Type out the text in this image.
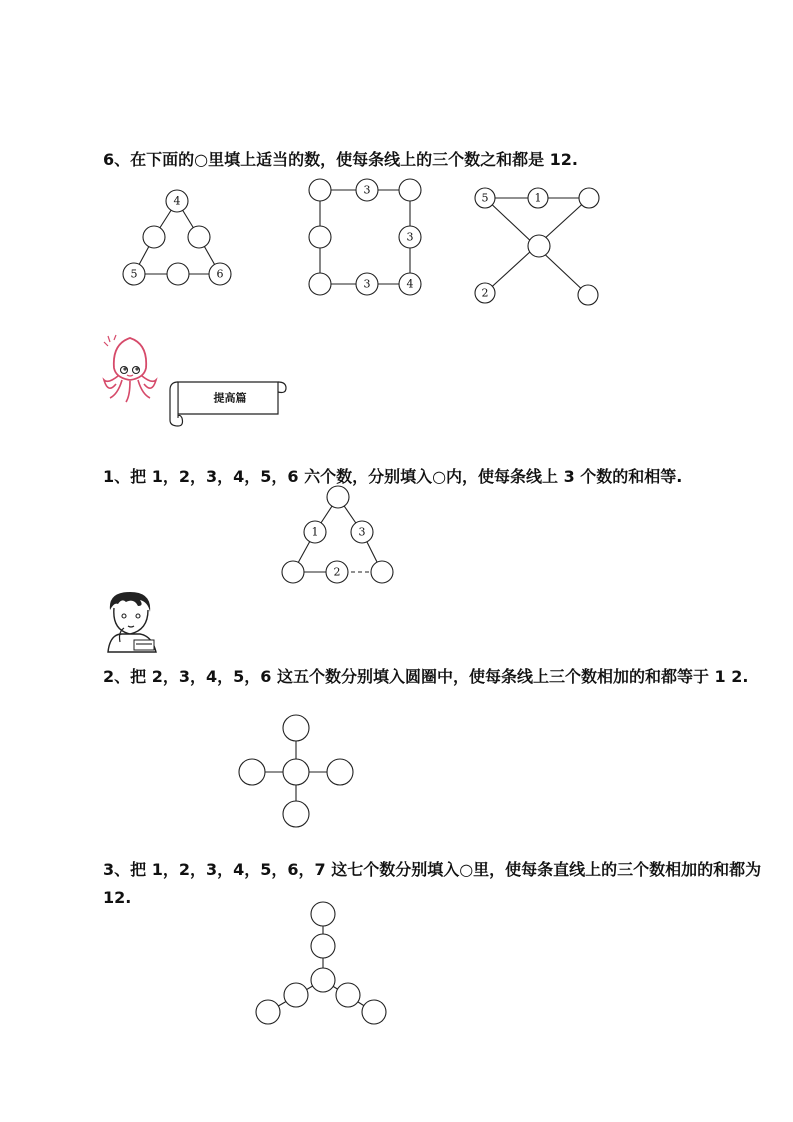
6、在下面的○里填上适当的数，使每条线上的三个数之和都是 12.

4
5	6
3
3
3	4
5	1
2
提高篇

1、把 1，2，3，4，5，6 六个数，分别填入○内，使每条线上 3 个数的和相等.

1	3
2

2、把 2，3，4，5，6 这五个数分别填入圆圈中，使每条线上三个数相加的和都等于 1 2.

3、把 1，2，3，4，5，6，7 这七个数分别填入○里，使每条直线上的三个数相加的和都为 12.
